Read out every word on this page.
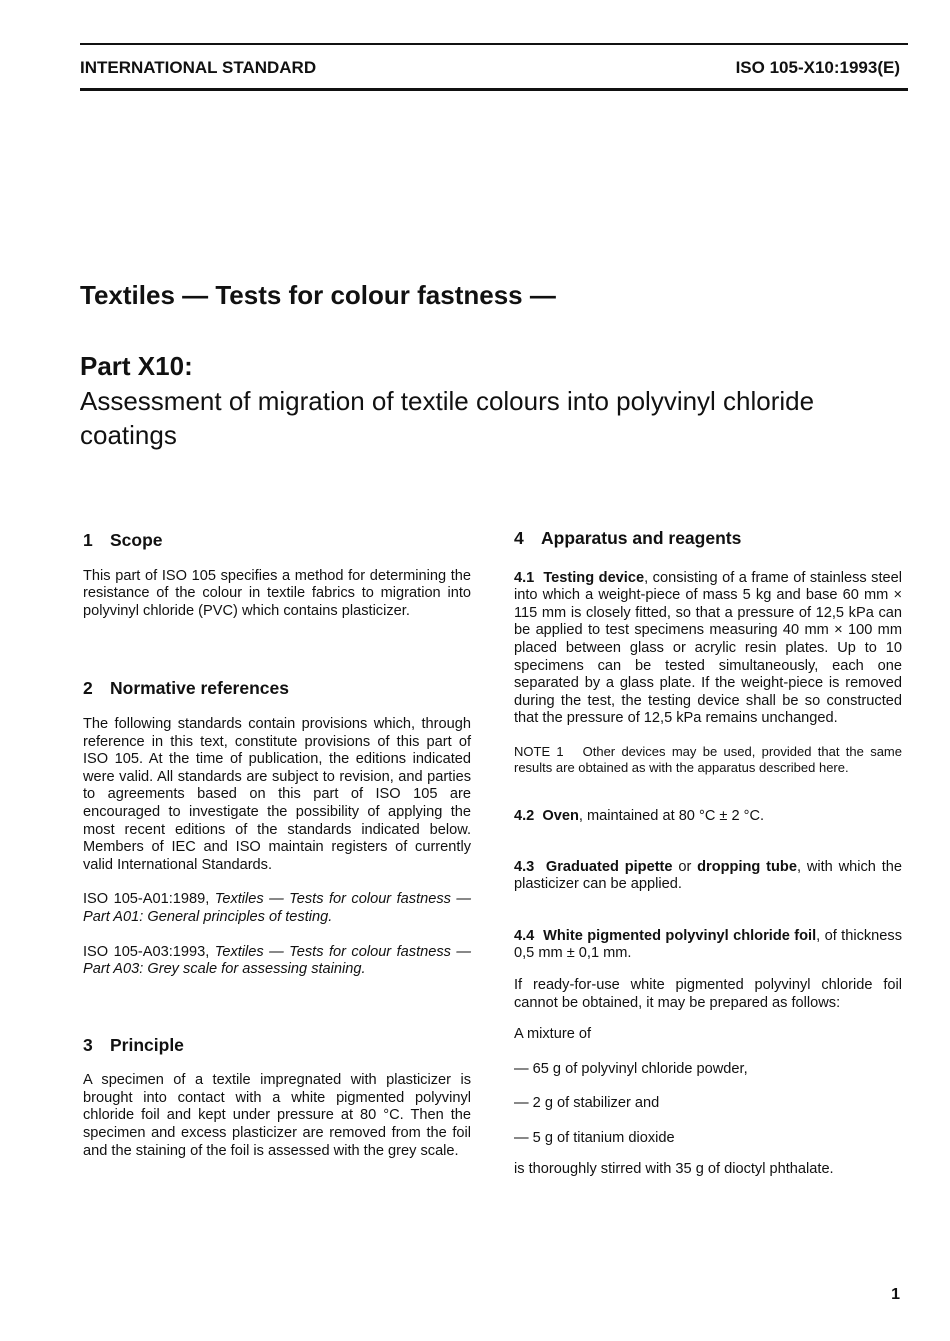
INTERNATIONAL STANDARD	ISO 105-X10:1993(E)
Textiles — Tests for colour fastness —
Part X10:
Assessment of migration of textile colours into polyvinyl chloride coatings
1 Scope

This part of ISO 105 specifies a method for determining the resistance of the colour in textile fabrics to migration into polyvinyl chloride (PVC) which contains plasticizer.

2 Normative references

The following standards contain provisions which, through reference in this text, constitute provisions of this part of ISO 105. At the time of publication, the editions indicated were valid. All standards are subject to revision, and parties to agreements based on this part of ISO 105 are encouraged to investigate the possibility of applying the most recent editions of the standards indicated below. Members of IEC and ISO maintain registers of currently valid International Standards.

ISO 105-A01:1989, Textiles — Tests for colour fastness — Part A01: General principles of testing.

ISO 105-A03:1993, Textiles — Tests for colour fastness — Part A03: Grey scale for assessing staining.

3 Principle

A specimen of a textile impregnated with plasticizer is brought into contact with a white pigmented polyvinyl chloride foil and kept under pressure at 80 °C. Then the specimen and excess plasticizer are removed from the foil and the staining of the foil is assessed with the grey scale.

4 Apparatus and reagents

4.1 Testing device, consisting of a frame of stainless steel into which a weight-piece of mass 5 kg and base 60 mm × 115 mm is closely fitted, so that a pressure of 12,5 kPa can be applied to test specimens measuring 40 mm × 100 mm placed between glass or acrylic resin plates. Up to 10 specimens can be tested simultaneously, each one separated by a glass plate. If the weight-piece is removed during the test, the testing device shall be so constructed that the pressure of 12,5 kPa remains unchanged.

NOTE 1 Other devices may be used, provided that the same results are obtained as with the apparatus described here.

4.2 Oven, maintained at 80 °C ± 2 °C.

4.3 Graduated pipette or dropping tube, with which the plasticizer can be applied.

4.4 White pigmented polyvinyl chloride foil, of thickness 0,5 mm ± 0,1 mm.

If ready-for-use white pigmented polyvinyl chloride foil cannot be obtained, it may be prepared as follows:

A mixture of

— 65 g of polyvinyl chloride powder,

— 2 g of stabilizer and

— 5 g of titanium dioxide

is thoroughly stirred with 35 g of dioctyl phthalate.

1
